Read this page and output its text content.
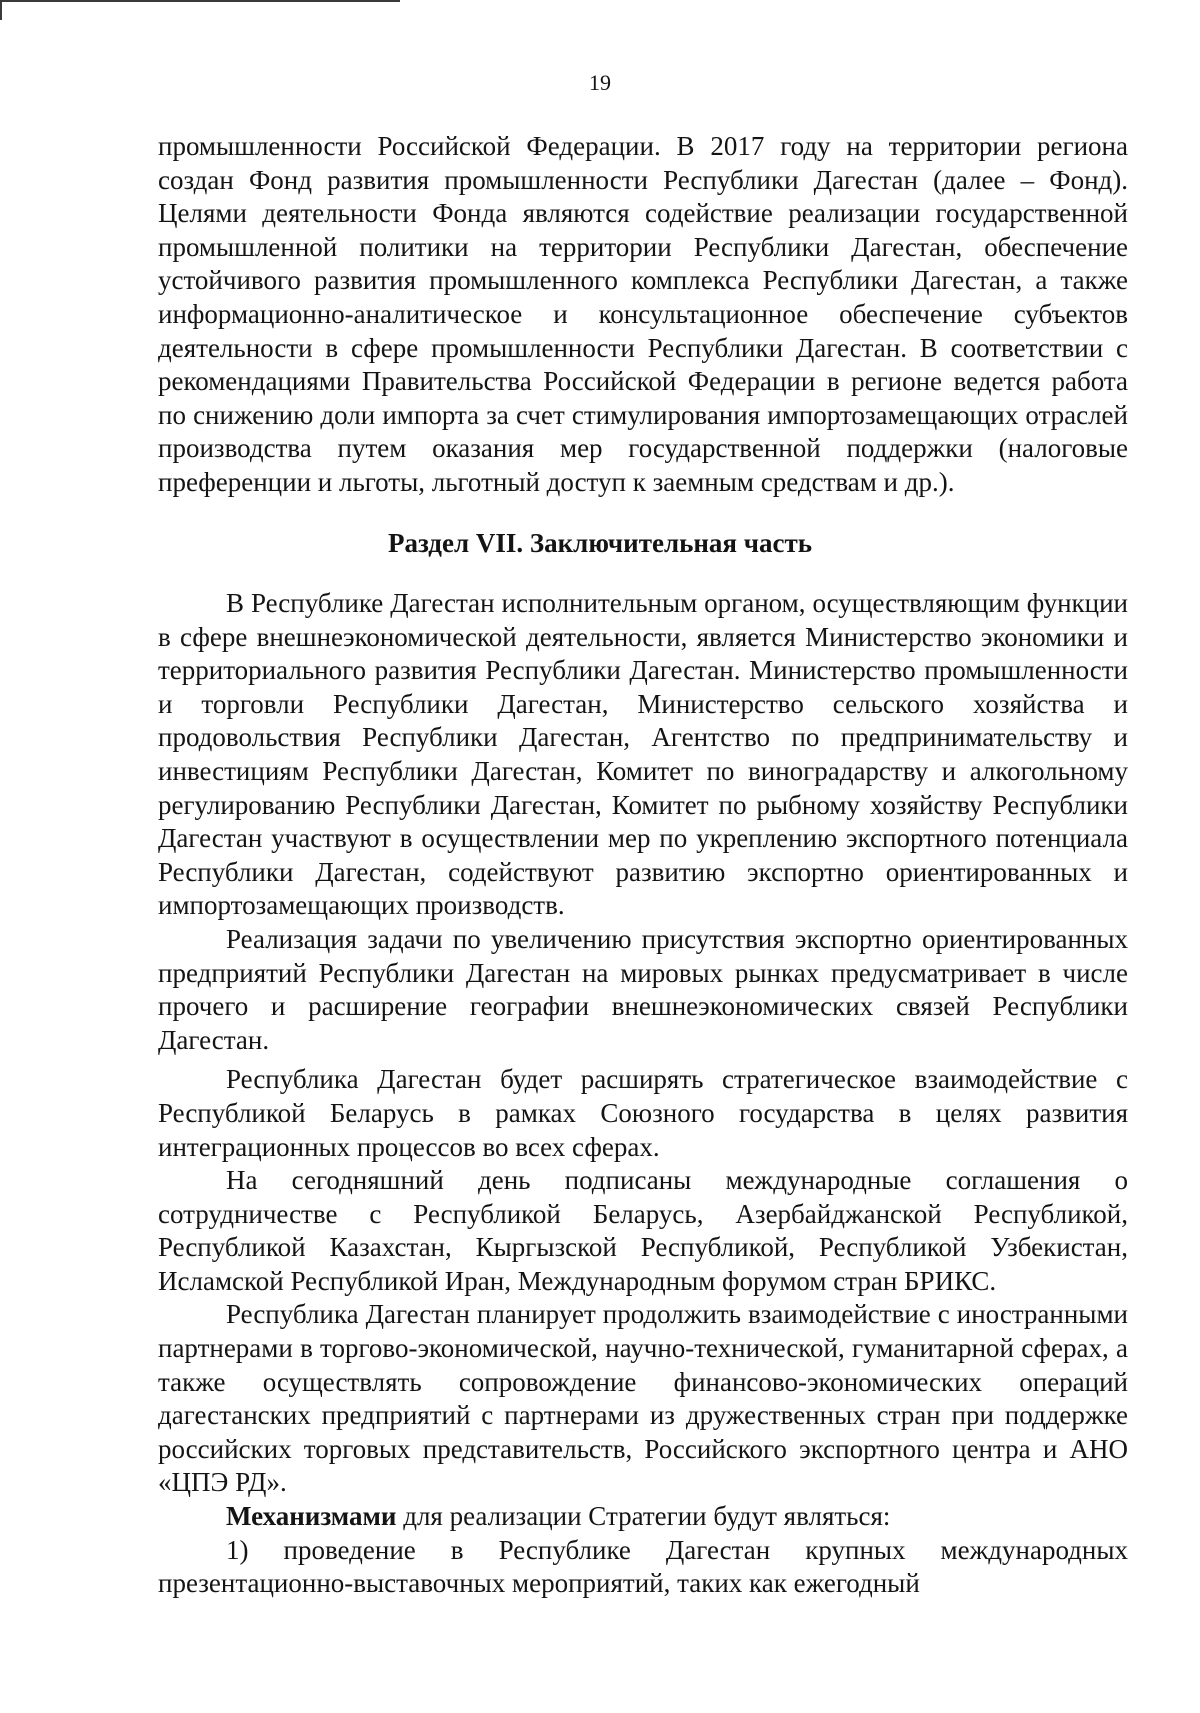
19

промышленности Российской Федерации. В 2017 году на территории региона создан Фонд развития промышленности Республики Дагестан (далее – Фонд). Целями деятельности Фонда являются содействие реализации государственной промышленной политики на территории Республики Дагестан, обеспечение устойчивого развития промышленного комплекса Республики Дагестан, а также информационно-аналитическое и консультационное обеспечение субъектов деятельности в сфере промышленности Республики Дагестан. В соответствии с рекомендациями Правительства Российской Федерации в регионе ведется работа по снижению доли импорта за счет стимулирования импортозамещающих отраслей производства путем оказания мер государственной поддержки (налоговые преференции и льготы, льготный доступ к заемным средствам и др.).

Раздел VII. Заключительная часть

В Республике Дагестан исполнительным органом, осуществляющим функции в сфере внешнеэкономической деятельности, является Министерство экономики и территориального развития Республики Дагестан. Министерство промышленности и торговли Республики Дагестан, Министерство сельского хозяйства и продовольствия Республики Дагестан, Агентство по предпринимательству и инвестициям Республики Дагестан, Комитет по виноградарству и алкогольному регулированию Республики Дагестан, Комитет по рыбному хозяйству Республики Дагестан участвуют в осуществлении мер по укреплению экспортного потенциала Республики Дагестан, содействуют развитию экспортно ориентированных и импортозамещающих производств.

Реализация задачи по увеличению присутствия экспортно ориентированных предприятий Республики Дагестан на мировых рынках предусматривает в числе прочего и расширение географии внешнеэкономических связей Республики Дагестан.

Республика Дагестан будет расширять стратегическое взаимодействие с Республикой Беларусь в рамках Союзного государства в целях развития интеграционных процессов во всех сферах.

На сегодняшний день подписаны международные соглашения о сотрудничестве с Республикой Беларусь, Азербайджанской Республикой, Республикой Казахстан, Кыргызской Республикой, Республикой Узбекистан, Исламской Республикой Иран, Международным форумом стран БРИКС.

Республика Дагестан планирует продолжить взаимодействие с иностранными партнерами в торгово-экономической, научно-технической, гуманитарной сферах, а также осуществлять сопровождение финансово-экономических операций дагестанских предприятий с партнерами из дружественных стран при поддержке российских торговых представительств, Российского экспортного центра и АНО «ЦПЭ РД».

Механизмами для реализации Стратегии будут являться:

1) проведение в Республике Дагестан крупных международных презентационно-выставочных мероприятий, таких как ежегодный
